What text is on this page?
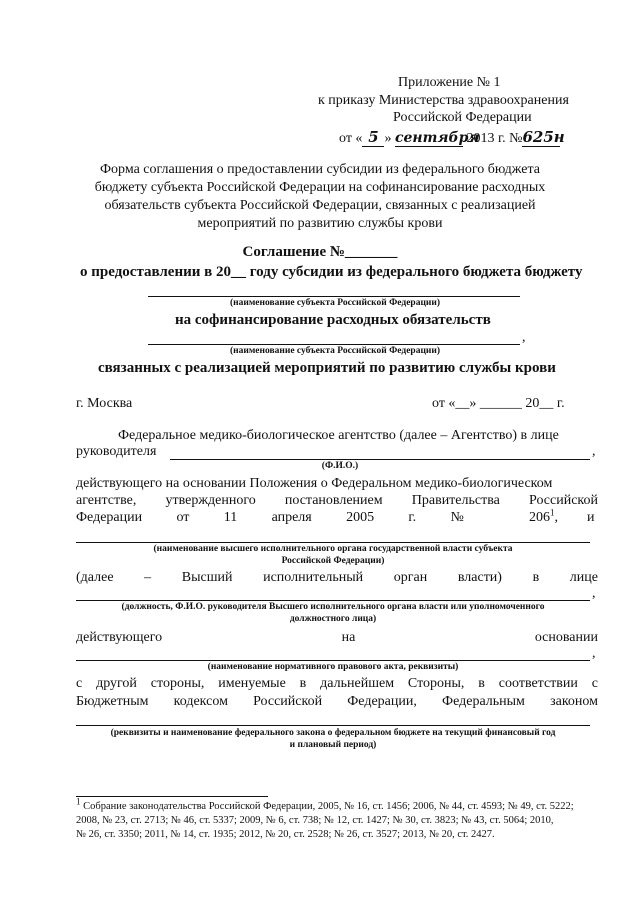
Приложение № 1
к приказу Министерства здравоохранения
Российской Федерации
от « 5 » сентября 2013 г. №625н
Форма соглашения о предоставлении субсидии из федерального бюджета
бюджету субъекта Российской Федерации на софинансирование расходных
обязательств субъекта Российской Федерации, связанных с реализацией
мероприятий по развитию службы крови
Соглашение №_______
о предоставлении в 20__ году субсидии из федерального бюджета бюджету
(наименование субъекта Российской Федерации)
на софинансирование расходных обязательств
,
(наименование субъекта Российской Федерации)
связанных с реализацией мероприятий по развитию службы крови
г. Москва	от «__» ______ 20__ г.
Федеральное медико-биологическое агентство (далее – Агентство) в лице
руководителя	,
(Ф.И.О.)
действующего на основании Положения о Федеральном медико-биологическом
агентстве, утвержденного постановлением Правительства Российской
Федерации от 11 апреля 2005 г. № $206^1$, и
(наименование высшего исполнительного органа государственной власти субъекта
Российской Федерации)
(далее – Высший исполнительный орган власти) в лице
,
(должность, Ф.И.О. руководителя Высшего исполнительного органа власти или уполномоченного
должностного лица)
действующего на основании
,
(наименование нормативного правового акта, реквизиты)
с другой стороны, именуемые в дальнейшем Стороны, в соответствии с
Бюджетным кодексом Российской Федерации, Федеральным законом
(реквизиты и наименование федерального закона о федеральном бюджете на текущий финансовый год
и плановый период)
$^1$ Собрание законодательства Российской Федерации, 2005, № 16, ст. 1456; 2006, № 44, ст. 4593; № 49, ст. 5222;
2008, № 23, ст. 2713; № 46, ст. 5337; 2009, № 6, ст. 738; № 12, ст. 1427; № 30, ст. 3823; № 43, ст. 5064; 2010,
№ 26, ст. 3350; 2011, № 14, ст. 1935; 2012, № 20, ст. 2528; № 26, ст. 3527; 2013, № 20, ст. 2427.
